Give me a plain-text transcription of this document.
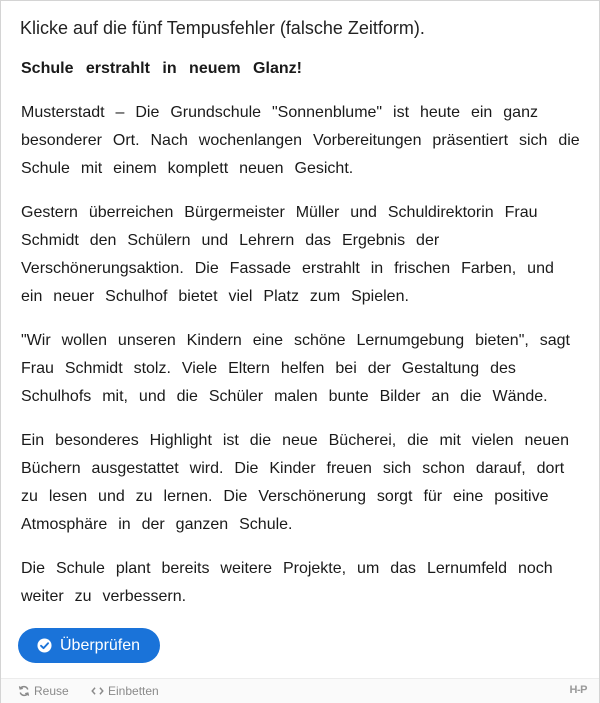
Klicke auf die fünf Tempusfehler (falsche Zeitform).
Schule erstrahlt in neuem Glanz!
Musterstadt – Die Grundschule "Sonnenblume" ist heute ein ganz besonderer Ort. Nach wochenlangen Vorbereitungen präsentiert sich die Schule mit einem komplett neuen Gesicht.
Gestern überreichen Bürgermeister Müller und Schuldirektorin Frau Schmidt den Schülern und Lehrern das Ergebnis der Verschönerungsaktion. Die Fassade erstrahlt in frischen Farben, und ein neuer Schulhof bietet viel Platz zum Spielen.
"Wir wollen unseren Kindern eine schöne Lernumgebung bieten", sagt Frau Schmidt stolz. Viele Eltern helfen bei der Gestaltung des Schulhofs mit, und die Schüler malen bunte Bilder an die Wände.
Ein besonderes Highlight ist die neue Bücherei, die mit vielen neuen Büchern ausgestattet wird. Die Kinder freuen sich schon darauf, dort zu lesen und zu lernen. Die Verschönerung sorgt für eine positive Atmosphäre in der ganzen Schule.
Die Schule plant bereits weitere Projekte, um das Lernumfeld noch weiter zu verbessern.
Überprüfen
Reuse	Einbetten	H-P
